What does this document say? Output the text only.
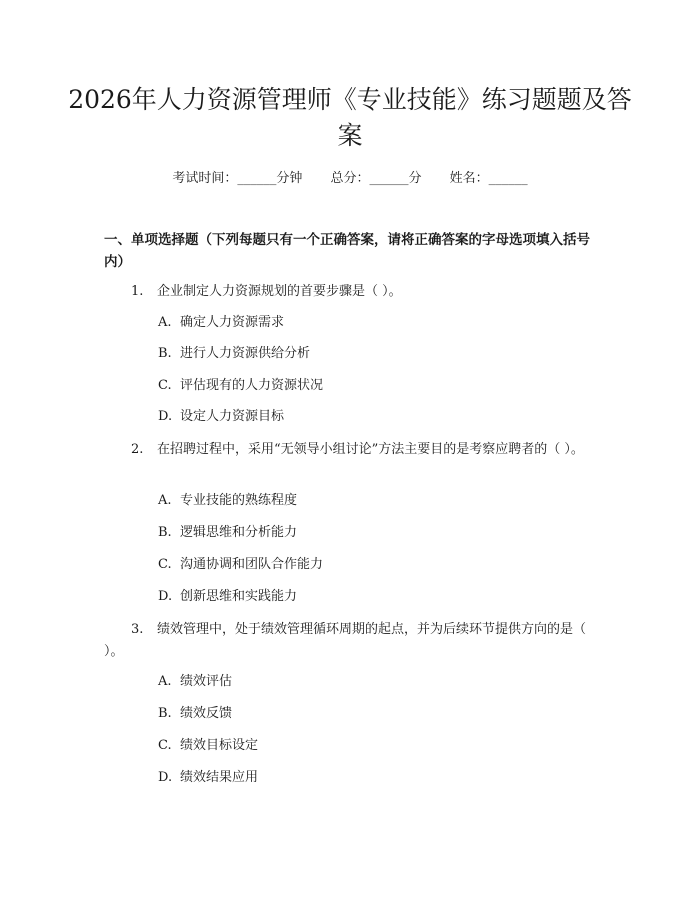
2026年人力资源管理师《专业技能》练习题题及答案
考试时间：______分钟 总分：______分 姓名：______
一、单项选择题（下列每题只有一个正确答案，请将正确答案的字母选项填入括号内）
1. 企业制定人力资源规划的首要步骤是（ ）。
A. 确定人力资源需求
B. 进行人力资源供给分析
C. 评估现有的人力资源状况
D. 设定人力资源目标
2. 在招聘过程中，采用“无领导小组讨论”方法主要目的是考察应聘者的（ ）。
A. 专业技能的熟练程度
B. 逻辑思维和分析能力
C. 沟通协调和团队合作能力
D. 创新思维和实践能力
3. 绩效管理中，处于绩效管理循环周期的起点，并为后续环节提供方向的是（ ）。
A. 绩效评估
B. 绩效反馈
C. 绩效目标设定
D. 绩效结果应用
